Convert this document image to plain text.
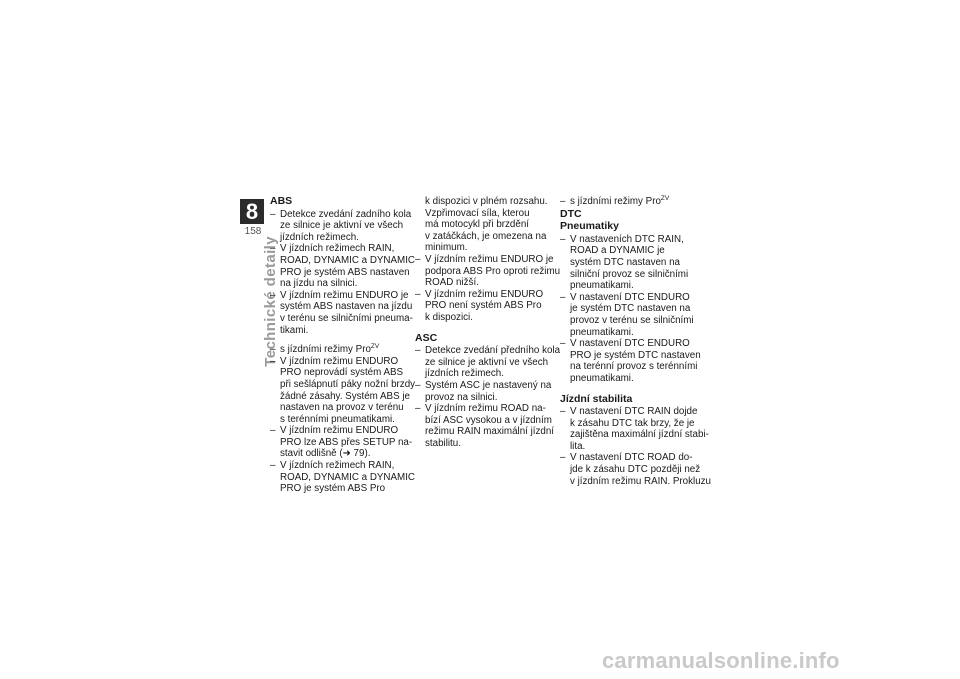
8
158
Technické detaily
ABS
– Detekce zvedání zadního kola
ze silnice je aktivní ve všech
jízdních režimech.
– V jízdních režimech RAIN,
ROAD, DYNAMIC a DYNAMIC
PRO je systém ABS nastaven
na jízdu na silnici.
– V jízdním režimu ENDURO je
systém ABS nastaven na jízdu
v terénu se silničními pneuma-
tikami.
– s jízdními režimy Pro$^{ZV}$
– V jízdním režimu ENDURO
PRO neprovádí systém ABS
při sešlápnutí páky nožní brzdy
žádné zásahy. Systém ABS je
nastaven na provoz v terénu
s terénními pneumatikami.
– V jízdním režimu ENDURO
PRO lze ABS přes SETUP na-
stavit odlišně (➜ 79).
– V jízdních režimech RAIN,
ROAD, DYNAMIC a DYNAMIC
PRO je systém ABS Pro
k dispozici v plném rozsahu.
Vzpřimovací síla, kterou
má motocykl při brzdění
v zatáčkách, je omezena na
minimum.
– V jízdním režimu ENDURO je
podpora ABS Pro oproti režimu
ROAD nižší.
– V jízdním režimu ENDURO
PRO není systém ABS Pro
k dispozici.
ASC
– Detekce zvedání předního kola
ze silnice je aktivní ve všech
jízdních režimech.
– Systém ASC je nastavený na
provoz na silnici.
– V jízdním režimu ROAD na-
bízí ASC vysokou a v jízdním
režimu RAIN maximální jízdní
stabilitu.
– s jízdními režimy Pro$^{ZV}$
DTC
Pneumatiky
– V nastaveních DTC RAIN,
ROAD a DYNAMIC je
systém DTC nastaven na
silniční provoz se silničními
pneumatikami.
– V nastavení DTC ENDURO
je systém DTC nastaven na
provoz v terénu se silničními
pneumatikami.
– V nastavení DTC ENDURO
PRO je systém DTC nastaven
na terénní provoz s terénními
pneumatikami.
Jízdní stabilita
– V nastavení DTC RAIN dojde
k zásahu DTC tak brzy, že je
zajištěna maximální jízdní stabi-
lita.
– V nastavení DTC ROAD do-
jde k zásahu DTC později než
v jízdním režimu RAIN. Prokluzu
carmanualsonline.info
